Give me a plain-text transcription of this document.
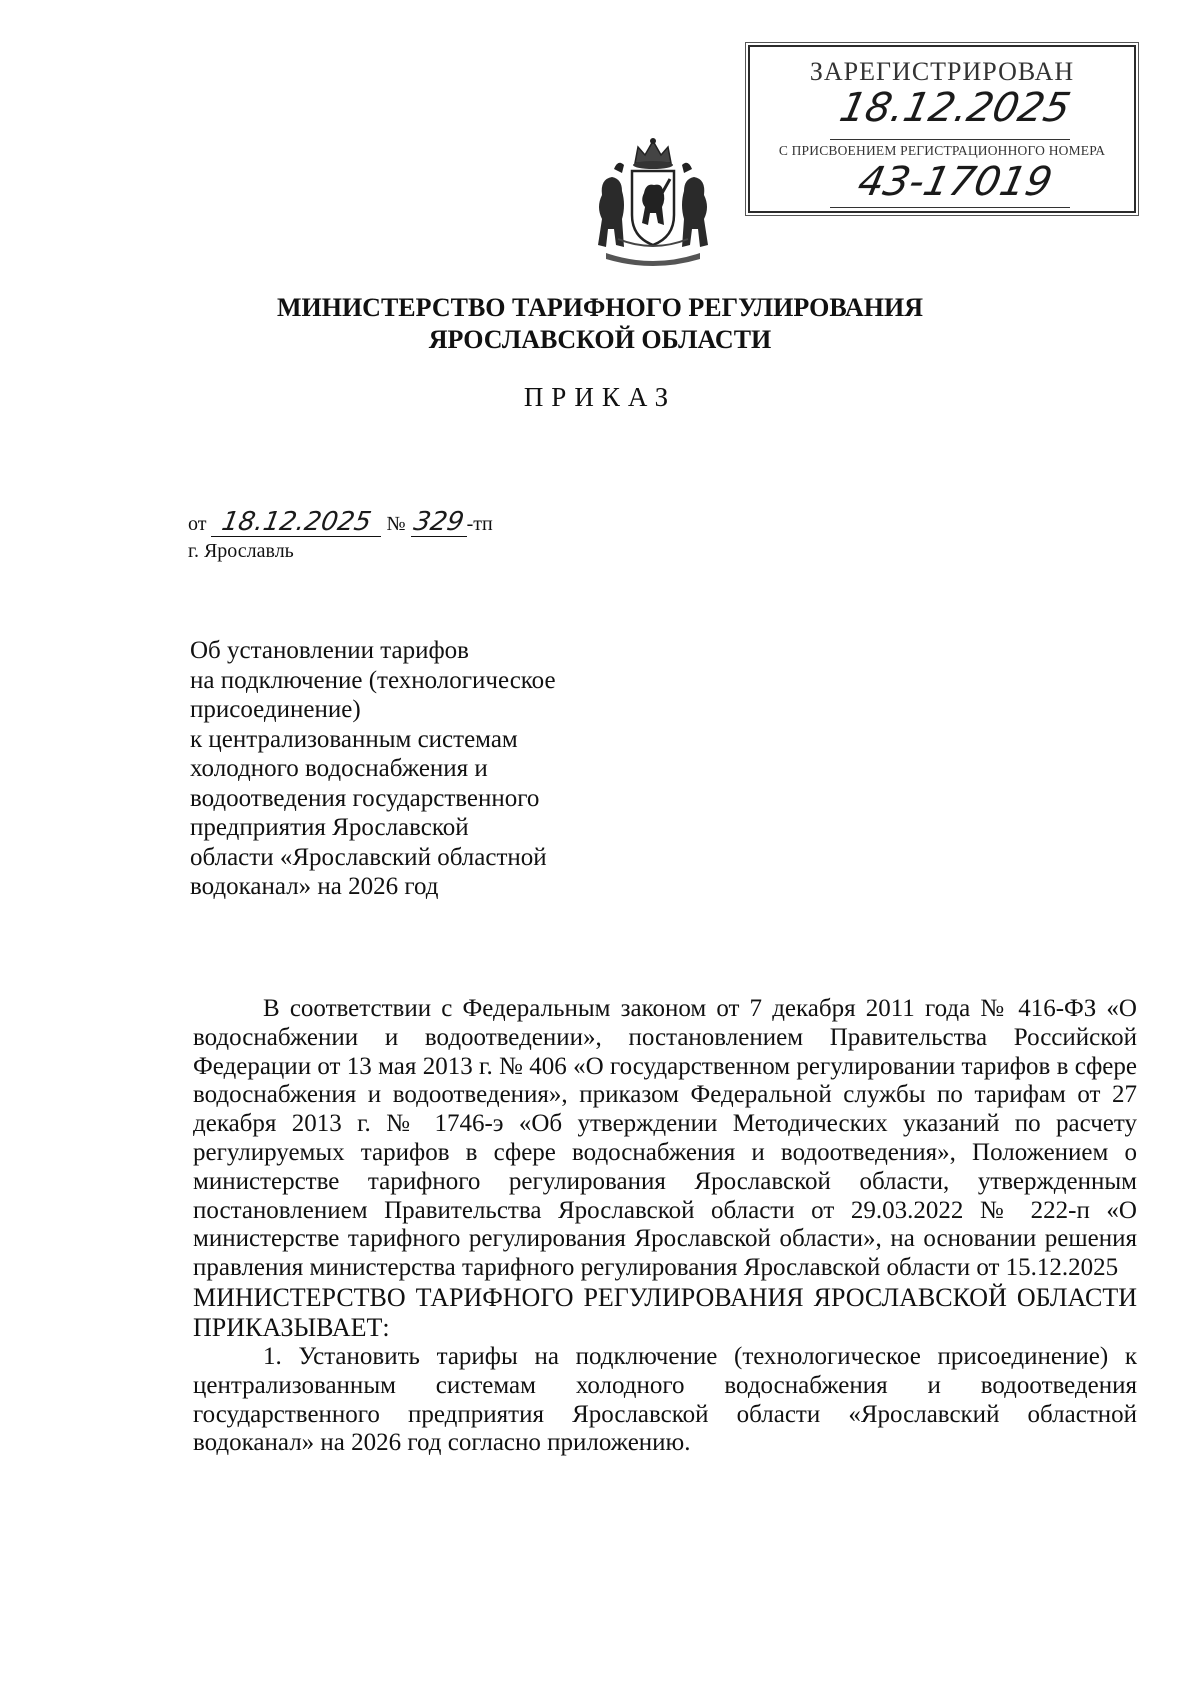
ЗАРЕГИСТРИРОВАН
18.12.2025
С ПРИСВОЕНИЕМ РЕГИСТРАЦИОННОГО НОМЕРА
43-17019
МИНИСТЕРСТВО ТАРИФНОГО РЕГУЛИРОВАНИЯ
ЯРОСЛАВСКОЙ ОБЛАСТИ
ПРИКАЗ
от 18.12.2025 № 329-тп
г. Ярославль
Об установлении тарифов
на подключение (технологическое
присоединение)
к централизованным системам
холодного водоснабжения и
водоотведения государственного
предприятия Ярославской
области «Ярославский областной
водоканал» на 2026 год

В соответствии с Федеральным законом от 7 декабря 2011 года № 416-ФЗ «О водоснабжении и водоотведении», постановлением Правительства Российской Федерации от 13 мая 2013 г. № 406 «О государственном регулировании тарифов в сфере водоснабжения и водоотведения», приказом Федеральной службы по тарифам от 27 декабря 2013 г. № 1746-э «Об утверждении Методических указаний по расчету регулируемых тарифов в сфере водоснабжения и водоотведения», Положением о министерстве тарифного регулирования Ярославской области, утвержденным постановлением Правительства Ярославской области от 29.03.2022 № 222-п «О министерстве тарифного регулирования Ярославской области», на основании решения правления министерства тарифного регулирования Ярославской области от 15.12.2025

МИНИСТЕРСТВО ТАРИФНОГО РЕГУЛИРОВАНИЯ ЯРОСЛАВСКОЙ ОБЛАСТИ ПРИКАЗЫВАЕТ:

1. Установить тарифы на подключение (технологическое присоединение) к централизованным системам холодного водоснабжения и водоотведения государственного предприятия Ярославской области «Ярославский областной водоканал» на 2026 год согласно приложению.
